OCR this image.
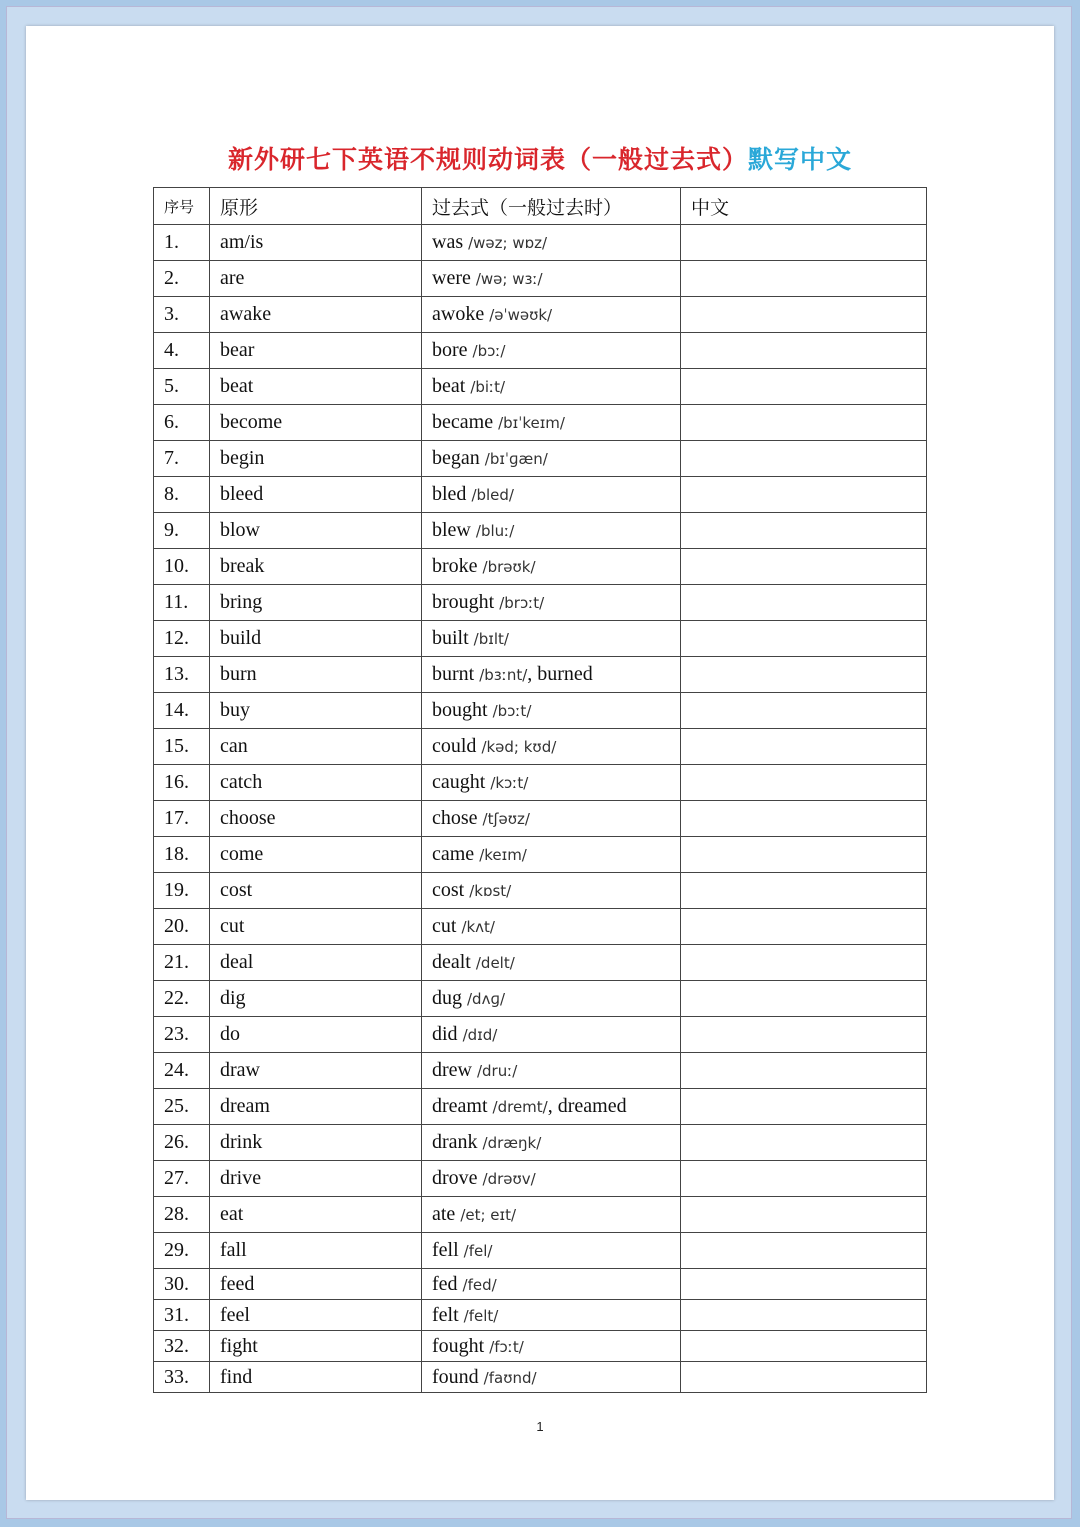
新外研七下英语不规则动词表（一般过去式）默写中文
序号	原形	过去式（一般过去时）	中文
1.	am/is	was /wəz; wɒz/	
2.	are	were /wə; wɜː/	
3.	awake	awoke /əˈwəʊk/	
4.	bear	bore /bɔː/	
5.	beat	beat /biːt/	
6.	become	became /bɪˈkeɪm/	
7.	begin	began /bɪˈɡæn/	
8.	bleed	bled /bled/	
9.	blow	blew /bluː/	
10.	break	broke /brəʊk/	
11.	bring	brought /brɔːt/	
12.	build	built /bɪlt/	
13.	burn	burnt /bɜːnt/, burned	
14.	buy	bought /bɔːt/	
15.	can	could /kəd; kʊd/	
16.	catch	caught /kɔːt/	
17.	choose	chose /tʃəʊz/	
18.	come	came /keɪm/	
19.	cost	cost /kɒst/	
20.	cut	cut /kʌt/	
21.	deal	dealt /delt/	
22.	dig	dug /dʌɡ/	
23.	do	did /dɪd/	
24.	draw	drew /druː/	
25.	dream	dreamt /dremt/, dreamed	
26.	drink	drank /dræŋk/	
27.	drive	drove /drəʊv/	
28.	eat	ate /et; eɪt/	
29.	fall	fell /fel/	
30.	feed	fed /fed/	
31.	feel	felt /felt/	
32.	fight	fought /fɔːt/	
33.	find	found /faʊnd/	
1
